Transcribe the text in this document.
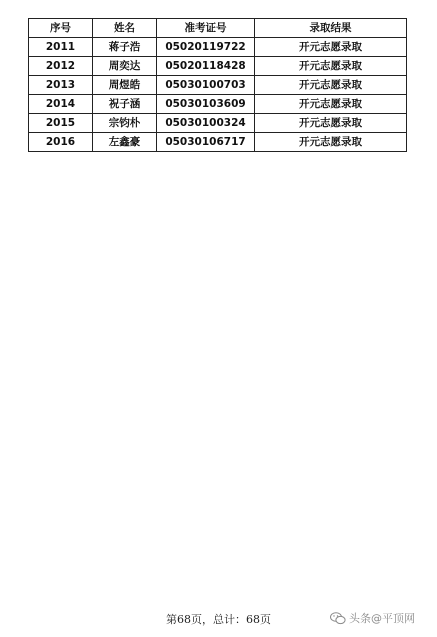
序号	姓名	准考证号	录取结果
2011	蒋子浩	05020119722	开元志愿录取
2012	周奕达	05020118428	开元志愿录取
2013	周煜皓	05030100703	开元志愿录取
2014	祝子涵	05030103609	开元志愿录取
2015	宗钧朴	05030100324	开元志愿录取
2016	左鑫豪	05030106717	开元志愿录取
第68页，总计：68页	头条@平顶网
